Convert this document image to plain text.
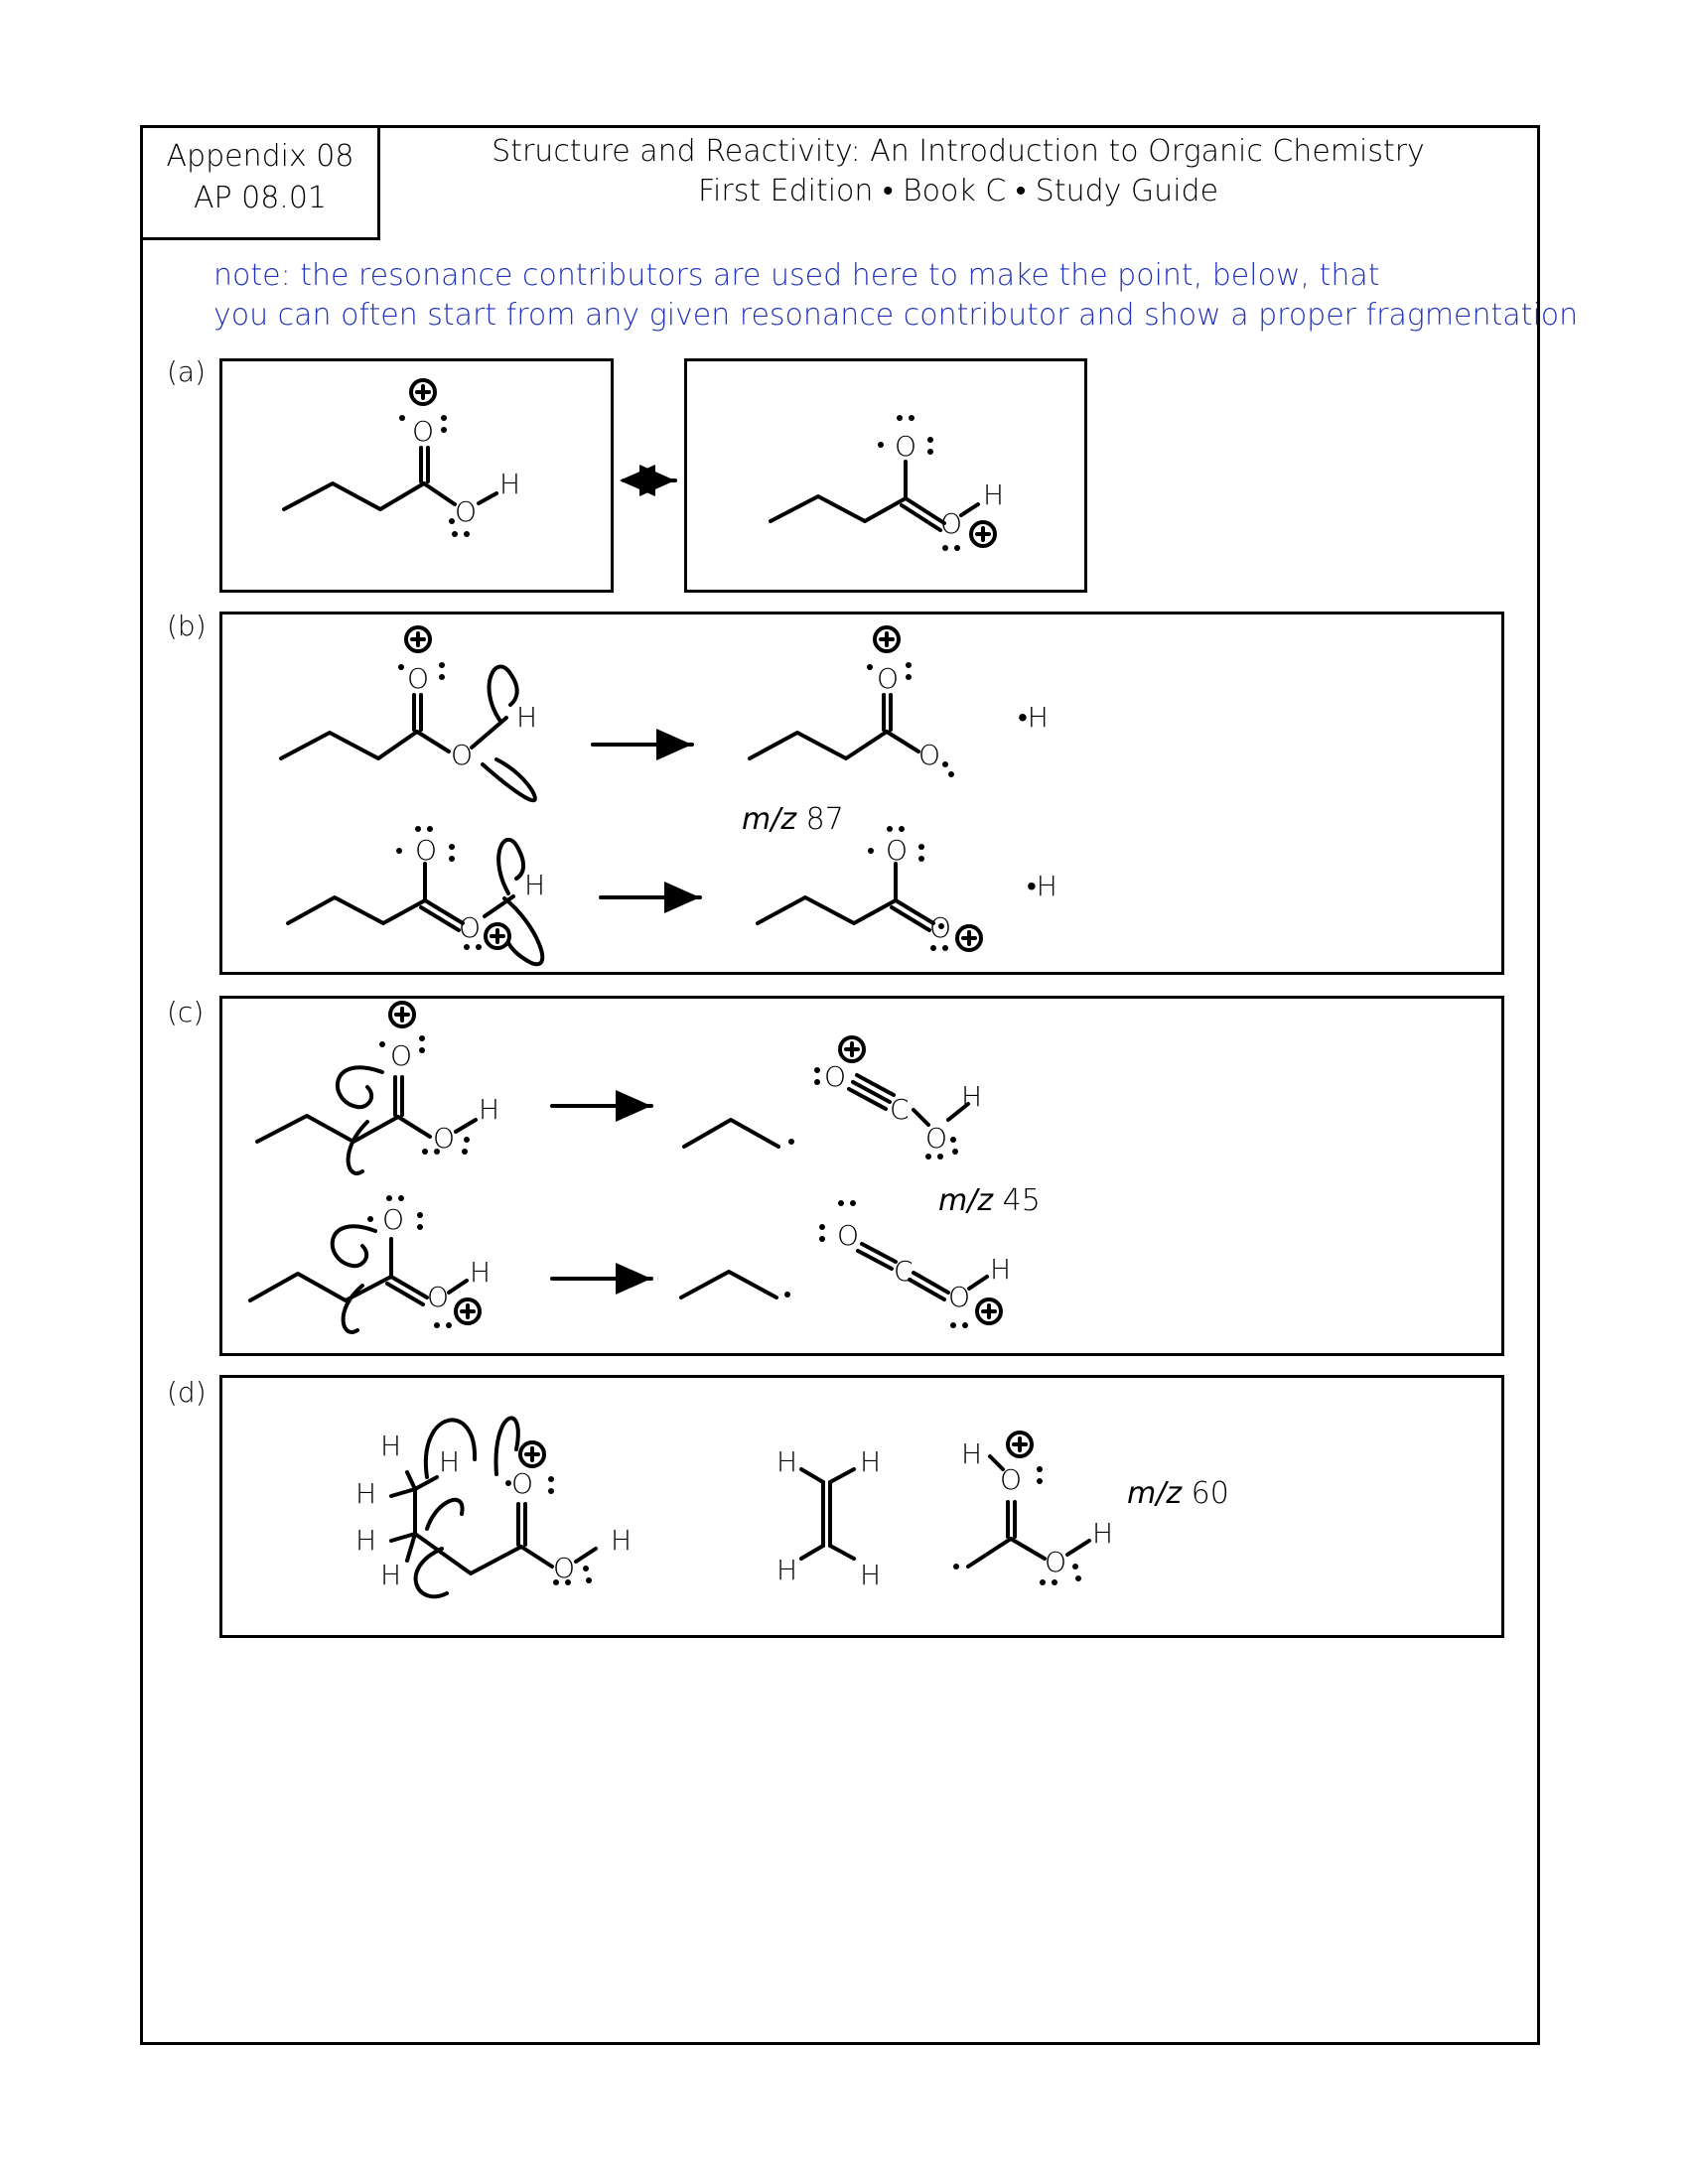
Appendix 08
AP 08.01
Structure and Reactivity: An Introduction to Organic Chemistry
First Edition • Book C • Study Guide
note: the resonance contributors are used here to make the point, below, that
you can often start from any given resonance contributor and show a proper fragmentation
(a)
(b)
(c)
(d)
m/z 87
m/z 45
m/z 60
O
O
H
O
O
H
O
O
H
O
O
•H
O
O
H
O
O
•H
O
O
H
O
C
O
H
O
O
H
O
C
O
H
H H
H
H
H
O
O
H
H H
H H
H
O
O
H
